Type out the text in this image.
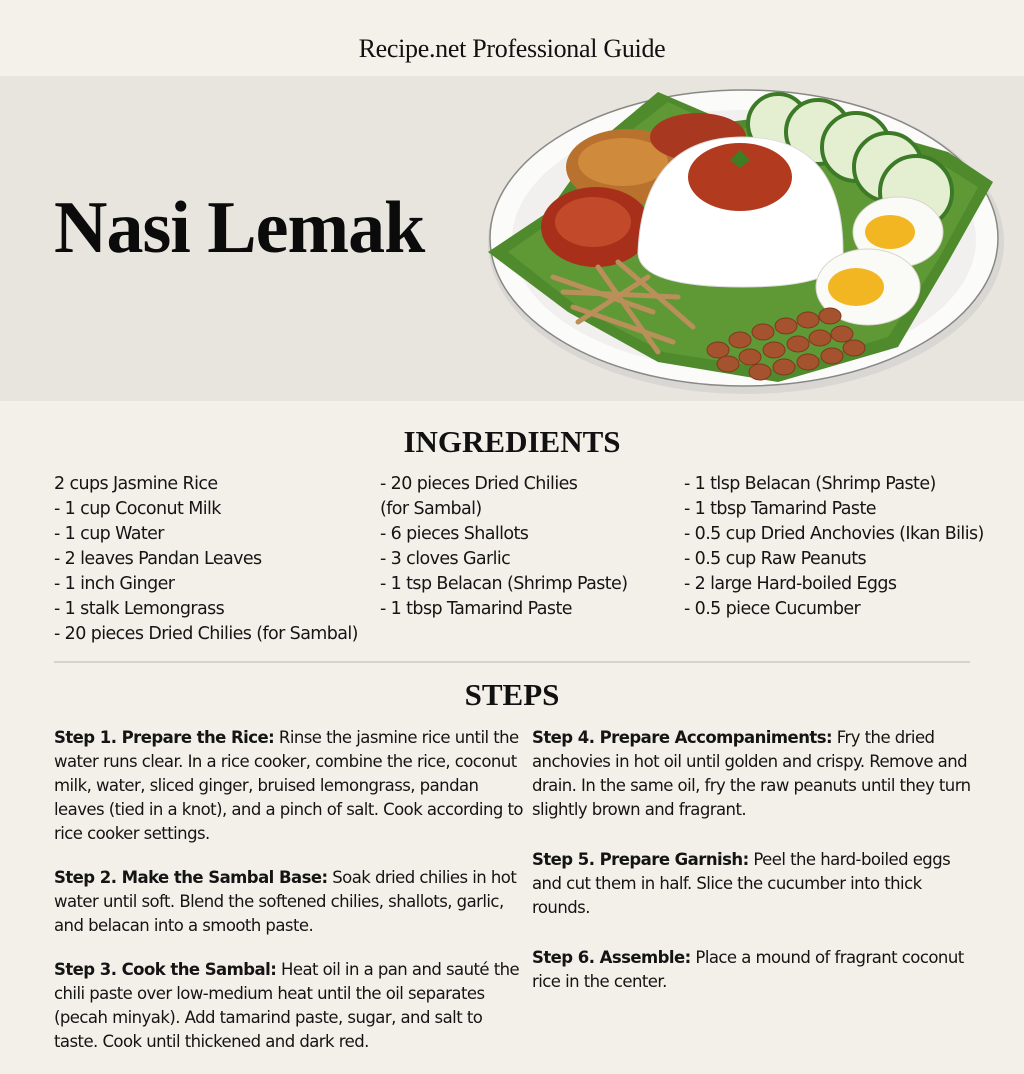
Recipe.net Professional Guide
Nasi Lemak
INGREDIENTS
2 cups Jasmine Rice
- 1 cup Coconut Milk
- 1 cup Water
- 2 leaves Pandan Leaves
- 1 inch Ginger
- 1 stalk Lemongrass
- 20 pieces Dried Chilies (for Sambal)
- 20 pieces Dried Chilies
(for Sambal)
- 6 pieces Shallots
- 3 cloves Garlic
- 1 tsp Belacan (Shrimp Paste)
- 1 tbsp Tamarind Paste
- 1 tlsp Belacan (Shrimp Paste)
- 1 tbsp Tamarind Paste
- 0.5 cup Dried Anchovies (Ikan Bilis)
- 0.5 cup Raw Peanuts
- 2 large Hard-boiled Eggs
- 0.5 piece Cucumber
STEPS

Step 1. Prepare the Rice: Rinse the jasmine rice until the water runs clear. In a rice cooker, combine the rice, coconut milk, water, sliced ginger, bruised lemongrass, pandan leaves (tied in a knot), and a pinch of salt. Cook according to rice cooker settings.

Step 2. Make the Sambal Base: Soak dried chilies in hot water until soft. Blend the softened chilies, shallots, garlic, and belacan into a smooth paste.

Step 3. Cook the Sambal: Heat oil in a pan and sauté the chili paste over low-medium heat until the oil separates (pecah minyak). Add tamarind paste, sugar, and salt to taste. Cook until thickened and dark red.

Step 4. Prepare Accompaniments: Fry the dried anchovies in hot oil until golden and crispy. Remove and drain. In the same oil, fry the raw peanuts until they turn slightly brown and fragrant.

Step 5. Prepare Garnish: Peel the hard-boiled eggs and cut them in half. Slice the cucumber into thick rounds.

Step 6. Assemble: Place a mound of fragrant coconut rice in the center.
